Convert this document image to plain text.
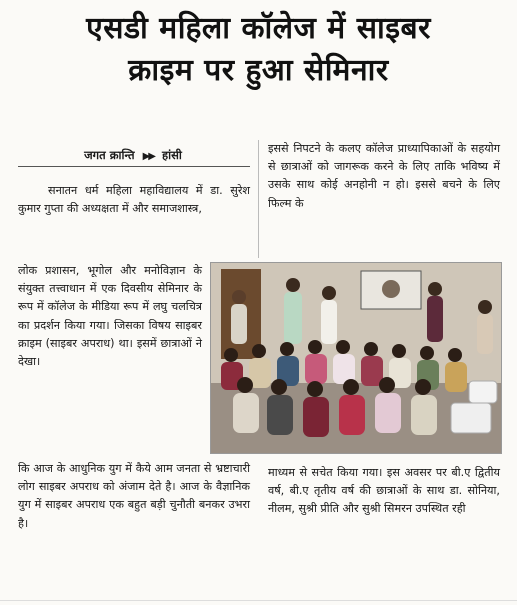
एसडी महिला कॉलेज में साइबर
क्राइम पर हुआ सेमिनार
जगत क्रान्ति ▶▶ हांसी
सनातन धर्म महिला महाविद्यालय में डा. सुरेश कुमार गुप्ता की अध्यक्षता में और समाजशास्त्र,
लोक प्रशासन, भूगोल और मनोविज्ञान के संयुक्त तत्त्वाधान में एक दिवसीय सेमिनार के रूप में कॉलेज के मीडिया रूप में लघु चलचित्र का प्रदर्शन किया गया। जिसका विषय साइबर क्राइम (साइबर अपराध) था। इसमें छात्राओं ने देखा।
कि आज के आधुनिक युग में कैये आम जनता से भ्रष्टाचारी लोग साइबर अपराध को अंजाम देते है। आज के वैज्ञानिक युग में साइबर अपराध एक बहुत बड़ी चुनौती बनकर उभरा है।
इससे निपटने के कलए कॉलेज प्राध्यापिकाओं के सहयोग से छात्राओं को जागरूक करने के लिए ताकि भविष्य में उसके साथ कोई अनहोनी न हो। इससे बचने के लिए फिल्म के
माध्यम से सचेत किया गया। इस अवसर पर बी.ए द्वितीय वर्ष, बी.ए तृतीय वर्ष की छात्राओं के साथ डा. सोनिया, नीलम, सुश्री प्रीति और सुश्री सिमरन उपस्थित रही
